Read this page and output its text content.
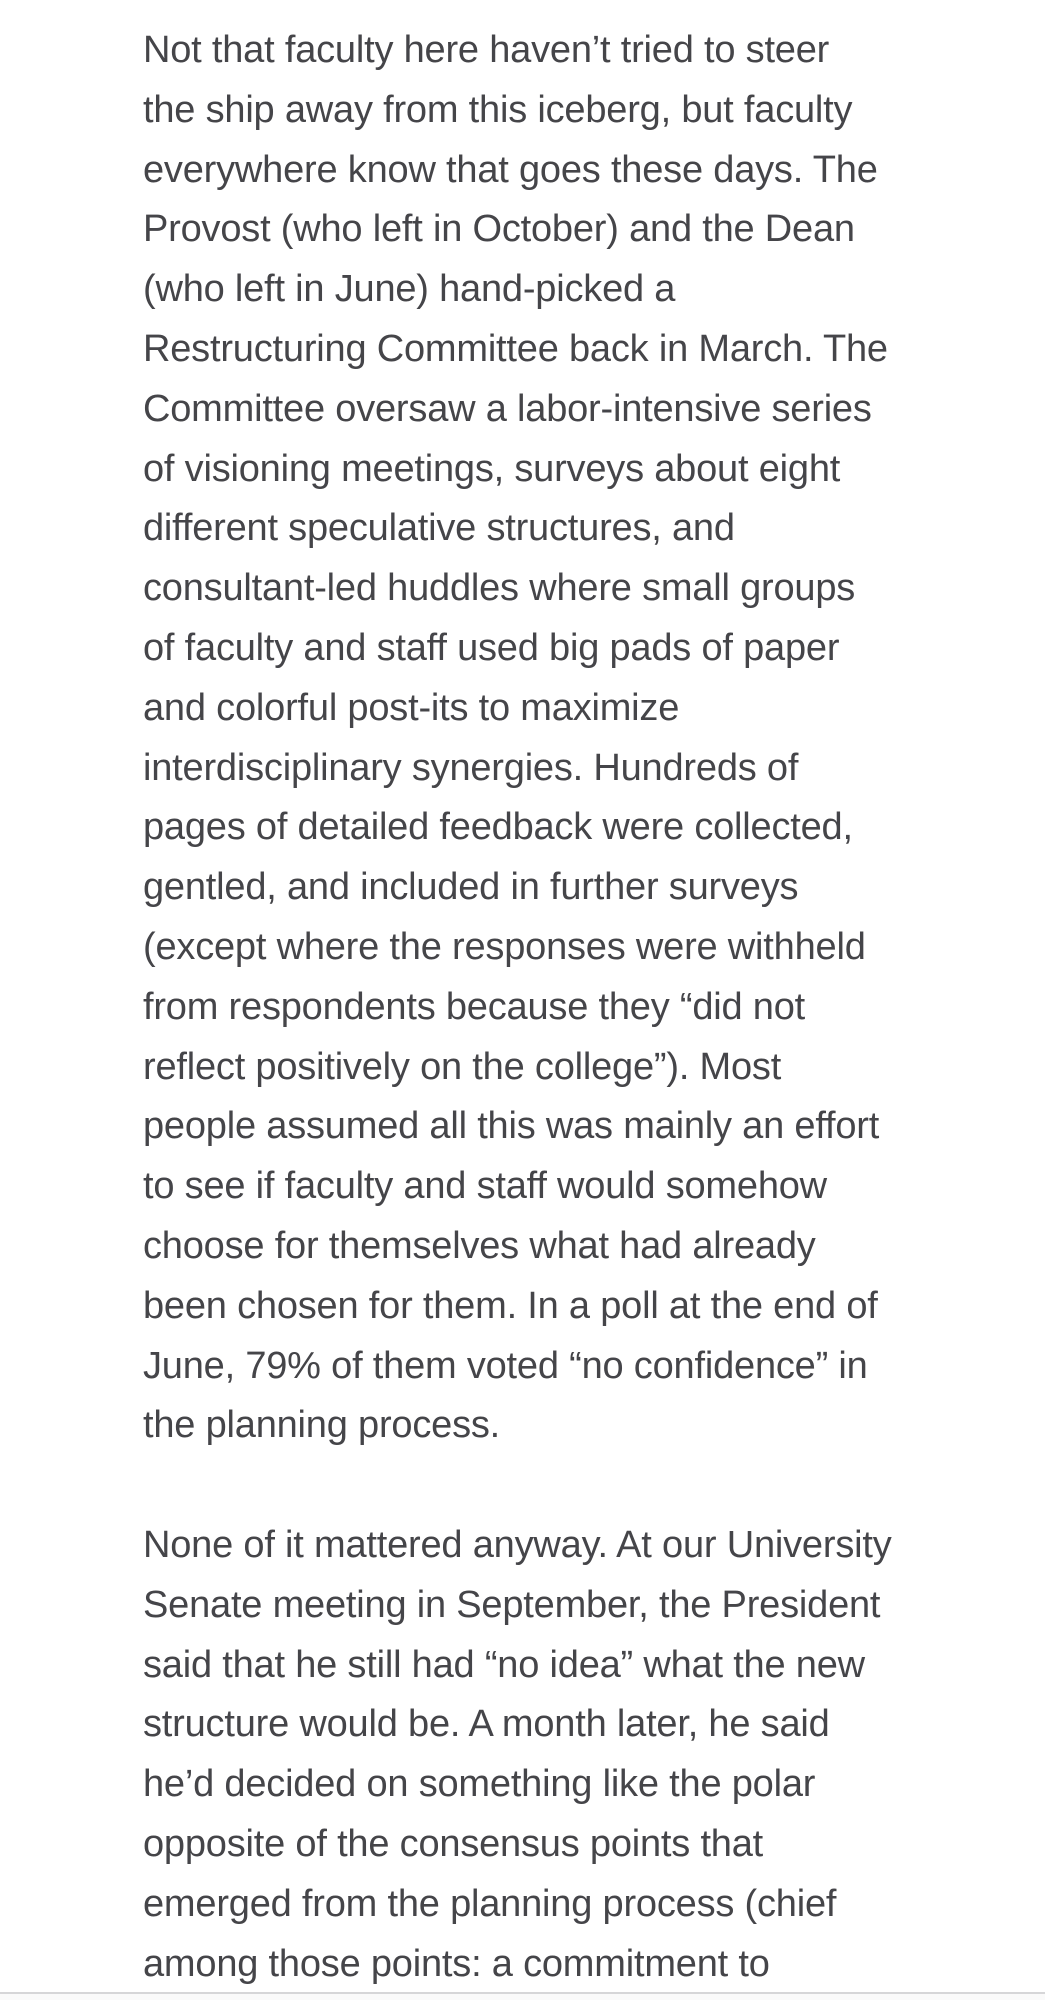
Not that faculty here haven’t tried to steer
the ship away from this iceberg, but faculty
everywhere know that goes these days. The
Provost (who left in October) and the Dean
(who left in June) hand-picked a
Restructuring Committee back in March. The
Committee oversaw a labor-intensive series
of visioning meetings, surveys about eight
different speculative structures, and
consultant-led huddles where small groups
of faculty and staff used big pads of paper
and colorful post-its to maximize
interdisciplinary synergies. Hundreds of
pages of detailed feedback were collected,
gentled, and included in further surveys
(except where the responses were withheld
from respondents because they “did not
reflect positively on the college”). Most
people assumed all this was mainly an effort
to see if faculty and staff would somehow
choose for themselves what had already
been chosen for them. In a poll at the end of
June, 79% of them voted “no confidence” in
the planning process.

None of it mattered anyway. At our University
Senate meeting in September, the President
said that he still had “no idea” what the new
structure would be. A month later, he said
he’d decided on something like the polar
opposite of the consensus points that
emerged from the planning process (chief
among those points: a commitment to
